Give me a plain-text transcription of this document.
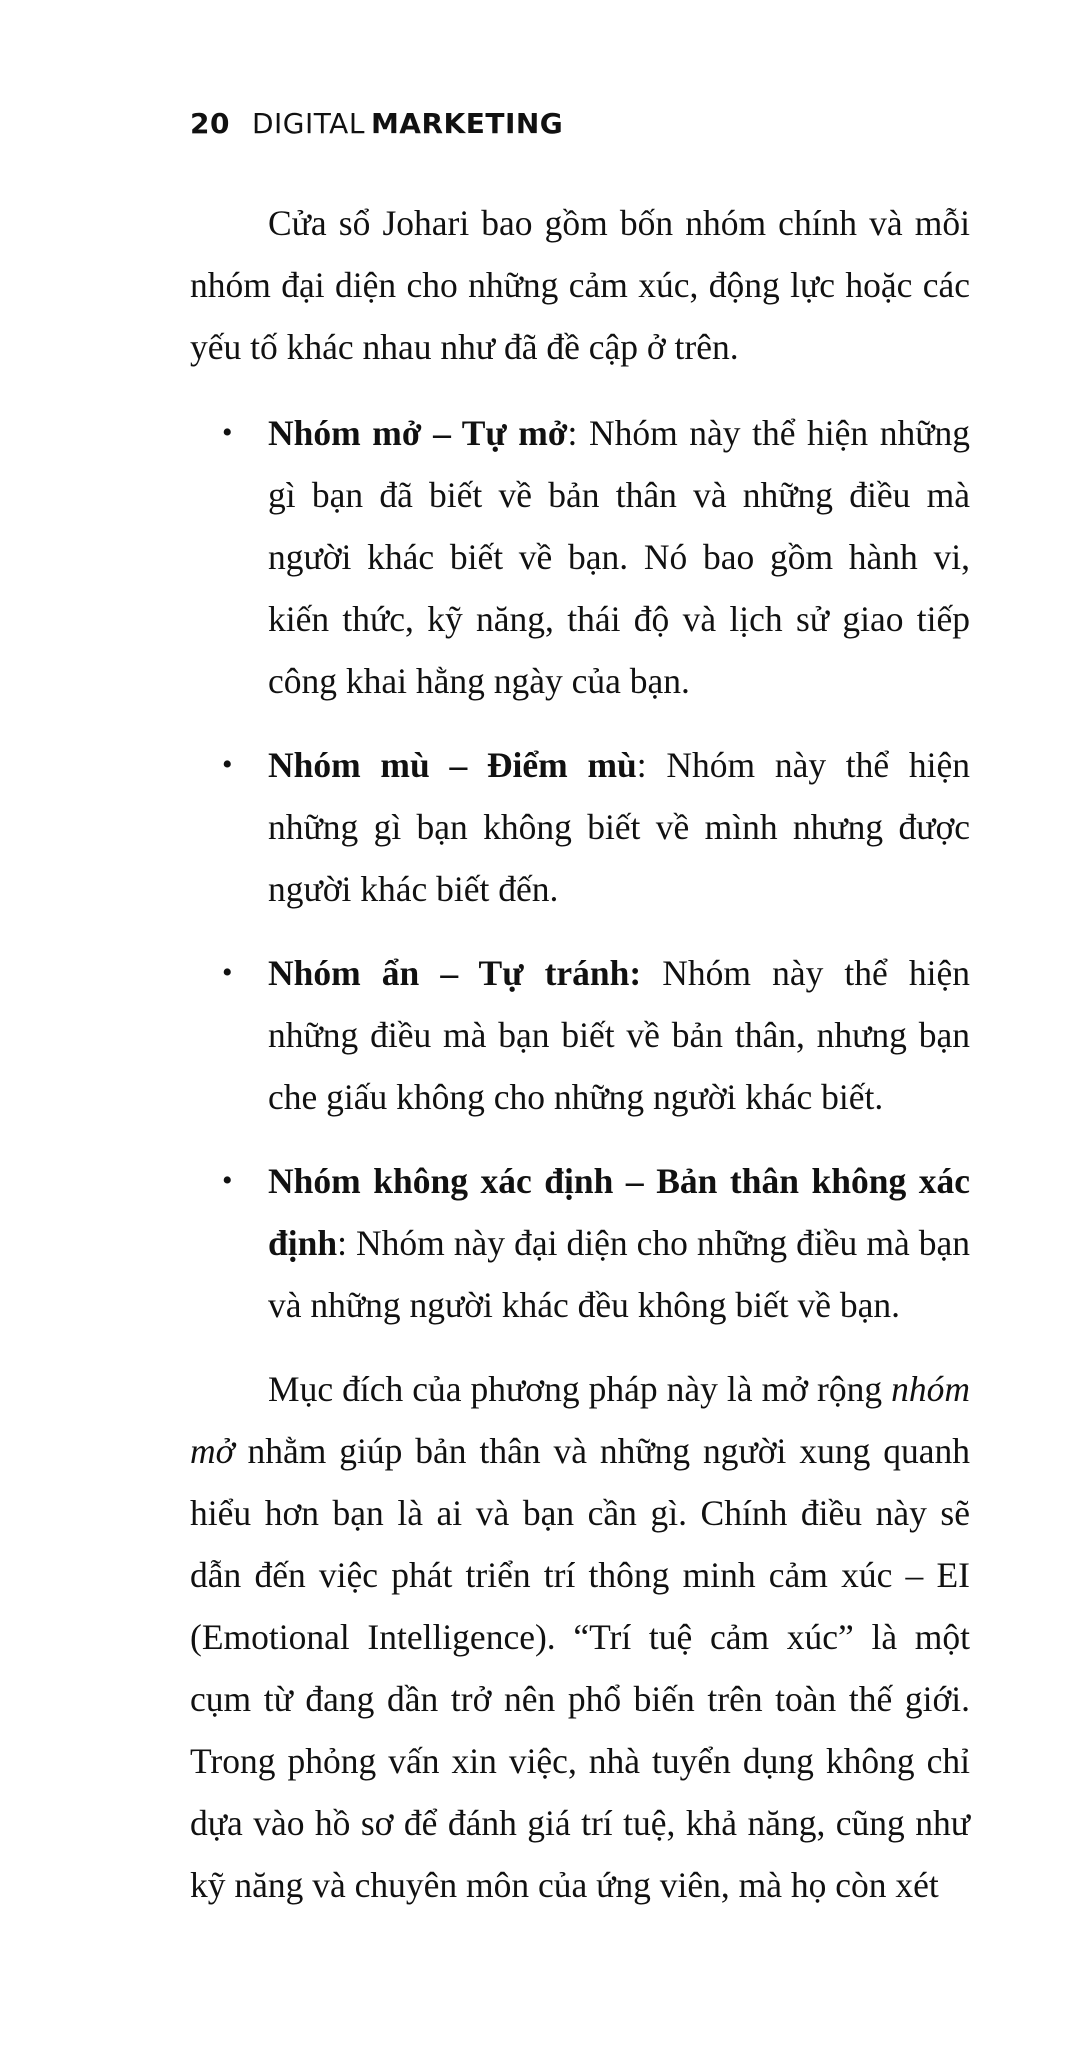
20 DIGITAL MARKETING

Cửa sổ Johari bao gồm bốn nhóm chính và mỗi nhóm đại diện cho những cảm xúc, động lực hoặc các yếu tố khác nhau như đã đề cập ở trên.

• Nhóm mở – Tự mở: Nhóm này thể hiện những gì bạn đã biết về bản thân và những điều mà người khác biết về bạn. Nó bao gồm hành vi, kiến thức, kỹ năng, thái độ và lịch sử giao tiếp công khai hằng ngày của bạn.
• Nhóm mù – Điểm mù: Nhóm này thể hiện những gì bạn không biết về mình nhưng được người khác biết đến.
• Nhóm ẩn – Tự tránh: Nhóm này thể hiện những điều mà bạn biết về bản thân, nhưng bạn che giấu không cho những người khác biết.
• Nhóm không xác định – Bản thân không xác định: Nhóm này đại diện cho những điều mà bạn và những người khác đều không biết về bạn.

Mục đích của phương pháp này là mở rộng nhóm mở nhằm giúp bản thân và những người xung quanh hiểu hơn bạn là ai và bạn cần gì. Chính điều này sẽ dẫn đến việc phát triển trí thông minh cảm xúc – EI (Emotional Intelligence). “Trí tuệ cảm xúc” là một cụm từ đang dần trở nên phổ biến trên toàn thế giới. Trong phỏng vấn xin việc, nhà tuyển dụng không chỉ dựa vào hồ sơ để đánh giá trí tuệ, khả năng, cũng như kỹ năng và chuyên môn của ứng viên, mà họ còn xét
